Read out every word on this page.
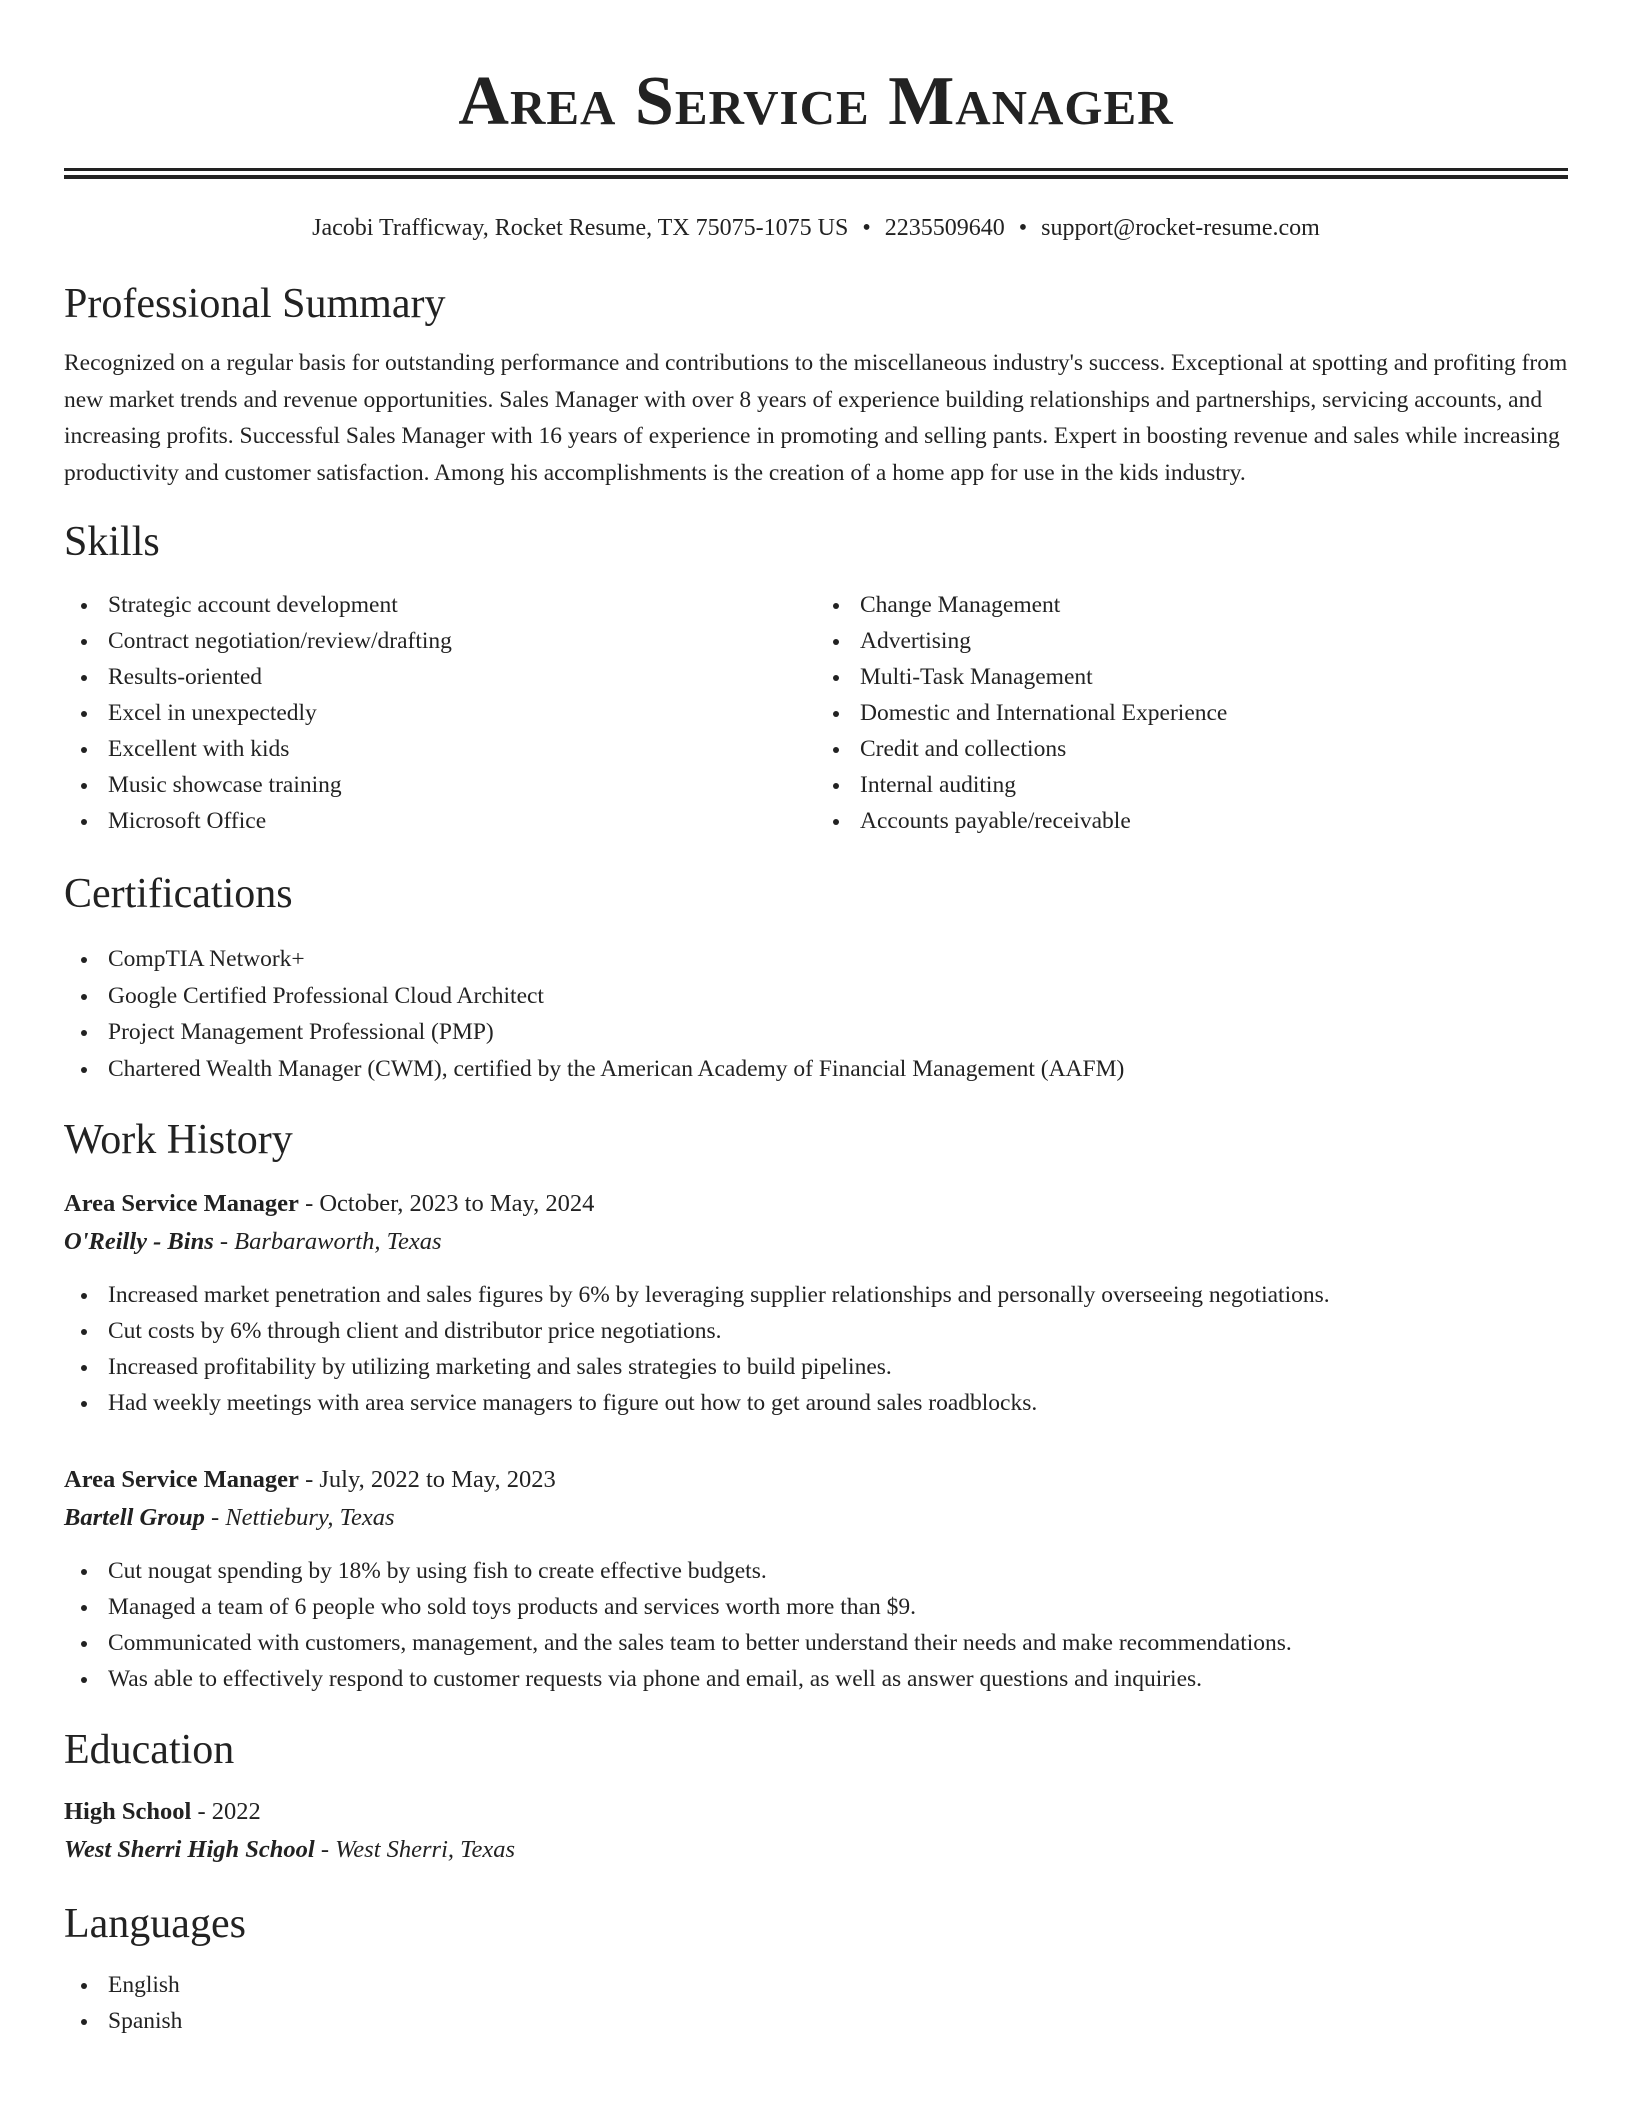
Area Service Manager
Jacobi Trafficway, Rocket Resume, TX 75075-1075 US • 2235509640 • support@rocket-resume.com
Professional Summary
Recognized on a regular basis for outstanding performance and contributions to the miscellaneous industry's success. Exceptional at spotting and profiting from new market trends and revenue opportunities. Sales Manager with over 8 years of experience building relationships and partnerships, servicing accounts, and increasing profits. Successful Sales Manager with 16 years of experience in promoting and selling pants. Expert in boosting revenue and sales while increasing productivity and customer satisfaction. Among his accomplishments is the creation of a home app for use in the kids industry.
Skills
Strategic account development
Contract negotiation/review/drafting
Results-oriented
Excel in unexpectedly
Excellent with kids
Music showcase training
Microsoft Office
Change Management
Advertising
Multi-Task Management
Domestic and International Experience
Credit and collections
Internal auditing
Accounts payable/receivable
Certifications
CompTIA Network+
Google Certified Professional Cloud Architect
Project Management Professional (PMP)
Chartered Wealth Manager (CWM), certified by the American Academy of Financial Management (AAFM)
Work History
Area Service Manager - October, 2023 to May, 2024
O'Reilly - Bins - Barbaraworth, Texas
Increased market penetration and sales figures by 6% by leveraging supplier relationships and personally overseeing negotiations.
Cut costs by 6% through client and distributor price negotiations.
Increased profitability by utilizing marketing and sales strategies to build pipelines.
Had weekly meetings with area service managers to figure out how to get around sales roadblocks.
Area Service Manager - July, 2022 to May, 2023
Bartell Group - Nettiebury, Texas
Cut nougat spending by 18% by using fish to create effective budgets.
Managed a team of 6 people who sold toys products and services worth more than $9.
Communicated with customers, management, and the sales team to better understand their needs and make recommendations.
Was able to effectively respond to customer requests via phone and email, as well as answer questions and inquiries.
Education
High School - 2022
West Sherri High School - West Sherri, Texas
Languages
English
Spanish
